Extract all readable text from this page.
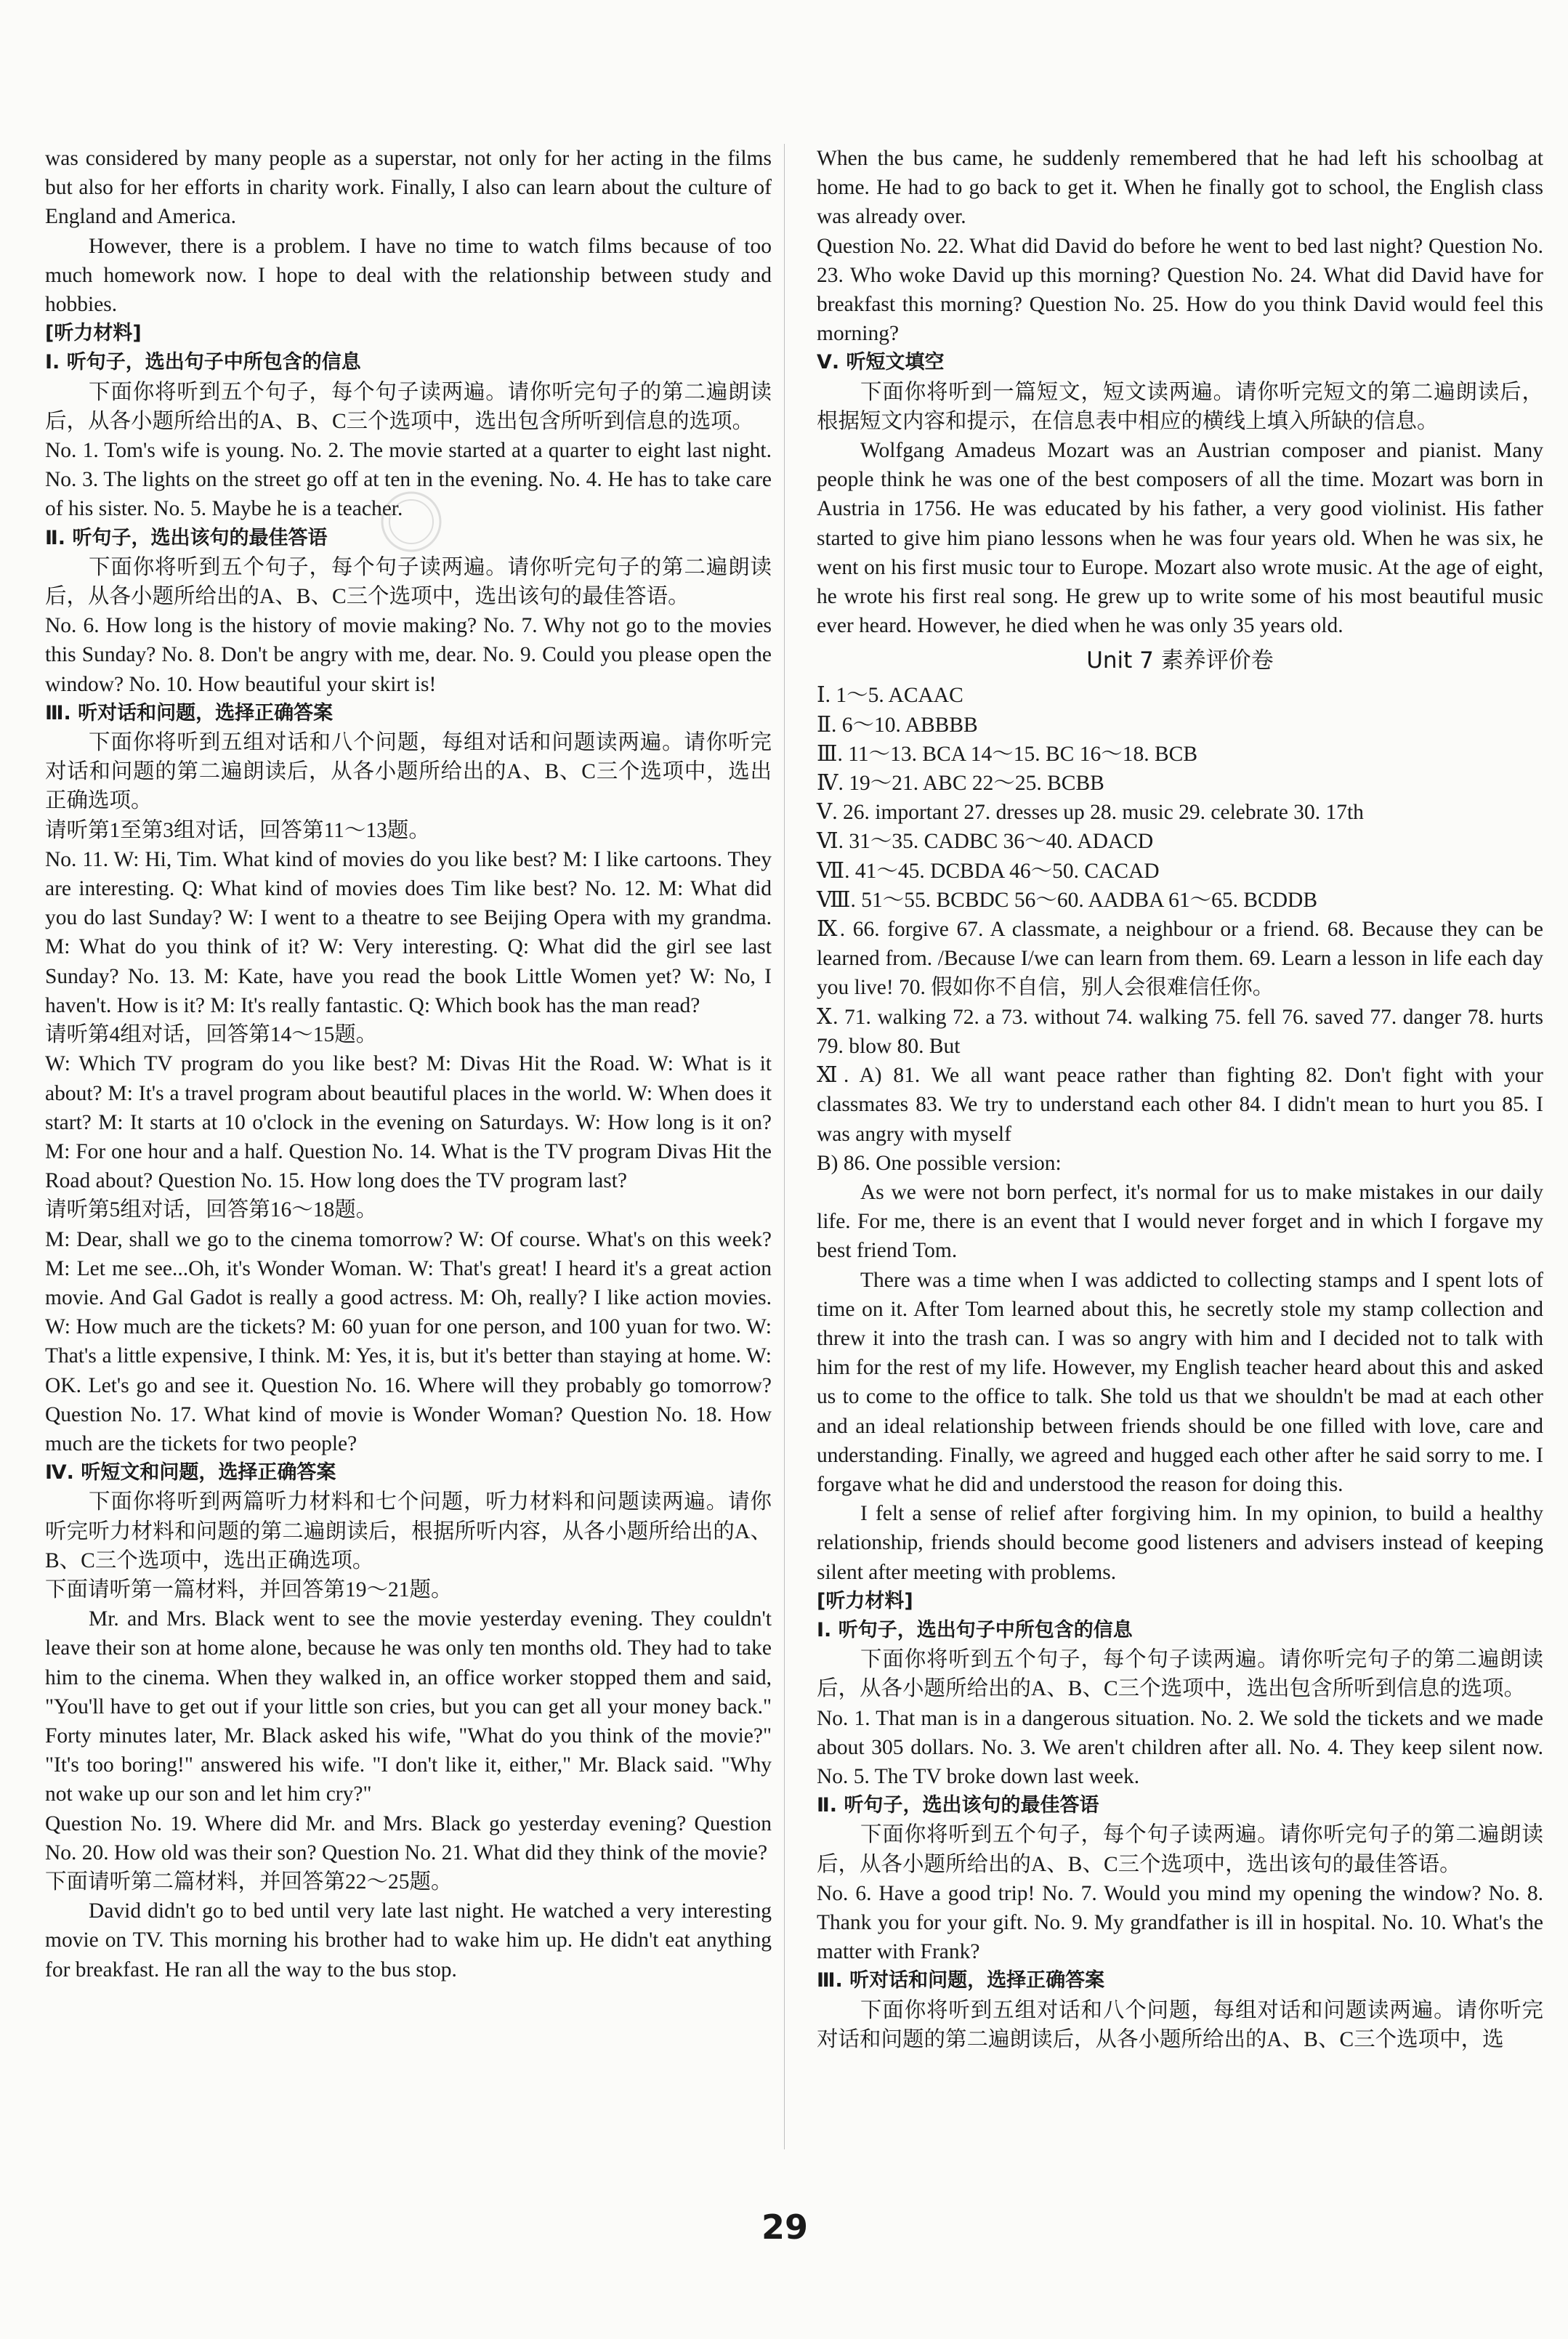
was considered by many people as a superstar, not only for her acting in the films but also for her efforts in charity work. Finally, I also can learn about the culture of England and America.

However, there is a problem. I have no time to watch films because of too much homework now. I hope to deal with the relationship between study and hobbies.

[听力材料]

Ⅰ. 听句子，选出句子中所包含的信息

下面你将听到五个句子，每个句子读两遍。请你听完句子的第二遍朗读后，从各小题所给出的A、B、C三个选项中，选出包含所听到信息的选项。

No. 1. Tom's wife is young. No. 2. The movie started at a quarter to eight last night. No. 3. The lights on the street go off at ten in the evening. No. 4. He has to take care of his sister. No. 5. Maybe he is a teacher.

Ⅱ. 听句子，选出该句的最佳答语

下面你将听到五个句子，每个句子读两遍。请你听完句子的第二遍朗读后，从各小题所给出的A、B、C三个选项中，选出该句的最佳答语。

No. 6. How long is the history of movie making? No. 7. Why not go to the movies this Sunday? No. 8. Don't be angry with me, dear. No. 9. Could you please open the window? No. 10. How beautiful your skirt is!

Ⅲ. 听对话和问题，选择正确答案

下面你将听到五组对话和八个问题，每组对话和问题读两遍。请你听完对话和问题的第二遍朗读后，从各小题所给出的A、B、C三个选项中，选出正确选项。

请听第1至第3组对话，回答第11～13题。

No. 11. W: Hi, Tim. What kind of movies do you like best? M: I like cartoons. They are interesting. Q: What kind of movies does Tim like best? No. 12. M: What did you do last Sunday? W: I went to a theatre to see Beijing Opera with my grandma. M: What do you think of it? W: Very interesting. Q: What did the girl see last Sunday? No. 13. M: Kate, have you read the book Little Women yet? W: No, I haven't. How is it? M: It's really fantastic. Q: Which book has the man read?

请听第4组对话，回答第14～15题。

W: Which TV program do you like best? M: Divas Hit the Road. W: What is it about? M: It's a travel program about beautiful places in the world. W: When does it start? M: It starts at 10 o'clock in the evening on Saturdays. W: How long is it on? M: For one hour and a half. Question No. 14. What is the TV program Divas Hit the Road about? Question No. 15. How long does the TV program last?

请听第5组对话，回答第16～18题。

M: Dear, shall we go to the cinema tomorrow? W: Of course. What's on this week? M: Let me see...Oh, it's Wonder Woman. W: That's great! I heard it's a great action movie. And Gal Gadot is really a good actress. M: Oh, really? I like action movies. W: How much are the tickets? M: 60 yuan for one person, and 100 yuan for two. W: That's a little expensive, I think. M: Yes, it is, but it's better than staying at home. W: OK. Let's go and see it. Question No. 16. Where will they probably go tomorrow? Question No. 17. What kind of movie is Wonder Woman? Question No. 18. How much are the tickets for two people?

Ⅳ. 听短文和问题，选择正确答案

下面你将听到两篇听力材料和七个问题，听力材料和问题读两遍。请你听完听力材料和问题的第二遍朗读后，根据所听内容，从各小题所给出的A、B、C三个选项中，选出正确选项。

下面请听第一篇材料，并回答第19～21题。

Mr. and Mrs. Black went to see the movie yesterday evening. They couldn't leave their son at home alone, because he was only ten months old. They had to take him to the cinema. When they walked in, an office worker stopped them and said, "You'll have to get out if your little son cries, but you can get all your money back." Forty minutes later, Mr. Black asked his wife, "What do you think of the movie?" "It's too boring!" answered his wife. "I don't like it, either," Mr. Black said. "Why not wake up our son and let him cry?"

Question No. 19. Where did Mr. and Mrs. Black go yesterday evening? Question No. 20. How old was their son? Question No. 21. What did they think of the movie?

下面请听第二篇材料，并回答第22～25题。

David didn't go to bed until very late last night. He watched a very interesting movie on TV. This morning his brother had to wake him up. He didn't eat anything for breakfast. He ran all the way to the bus stop.

When the bus came, he suddenly remembered that he had left his schoolbag at home. He had to go back to get it. When he finally got to school, the English class was already over.

Question No. 22. What did David do before he went to bed last night? Question No. 23. Who woke David up this morning? Question No. 24. What did David have for breakfast this morning? Question No. 25. How do you think David would feel this morning?

Ⅴ. 听短文填空

下面你将听到一篇短文，短文读两遍。请你听完短文的第二遍朗读后，根据短文内容和提示，在信息表中相应的横线上填入所缺的信息。

Wolfgang Amadeus Mozart was an Austrian composer and pianist. Many people think he was one of the best composers of all the time. Mozart was born in Austria in 1756. He was educated by his father, a very good violinist. His father started to give him piano lessons when he was four years old. When he was six, he went on his first music tour to Europe. Mozart also wrote music. At the age of eight, he wrote his first real song. He grew up to write some of his most beautiful music ever heard. However, he died when he was only 35 years old.

Unit 7 素养评价卷

Ⅰ. 1～5. ACAAC

Ⅱ. 6～10. ABBBB

Ⅲ. 11～13. BCA 14～15. BC 16～18. BCB

Ⅳ. 19～21. ABC 22～25. BCBB

Ⅴ. 26. important 27. dresses up 28. music 29. celebrate 30. 17th

Ⅵ. 31～35. CADBC 36～40. ADACD

Ⅶ. 41～45. DCBDA 46～50. CACAD

Ⅷ. 51～55. BCBDC 56～60. AADBA 61～65. BCDDB

Ⅸ. 66. forgive 67. A classmate, a neighbour or a friend. 68. Because they can be learned from. /Because I/we can learn from them. 69. Learn a lesson in life each day you live! 70. 假如你不自信，别人会很难信任你。

Ⅹ. 71. walking 72. a 73. without 74. walking 75. fell 76. saved 77. danger 78. hurts 79. blow 80. But

Ⅺ. A) 81. We all want peace rather than fighting 82. Don't fight with your classmates 83. We try to understand each other 84. I didn't mean to hurt you 85. I was angry with myself

B) 86. One possible version:

As we were not born perfect, it's normal for us to make mistakes in our daily life. For me, there is an event that I would never forget and in which I forgave my best friend Tom.

There was a time when I was addicted to collecting stamps and I spent lots of time on it. After Tom learned about this, he secretly stole my stamp collection and threw it into the trash can. I was so angry with him and I decided not to talk with him for the rest of my life. However, my English teacher heard about this and asked us to come to the office to talk. She told us that we shouldn't be mad at each other and an ideal relationship between friends should be one filled with love, care and understanding. Finally, we agreed and hugged each other after he said sorry to me. I forgave what he did and understood the reason for doing this.

I felt a sense of relief after forgiving him. In my opinion, to build a healthy relationship, friends should become good listeners and advisers instead of keeping silent after meeting with problems.

[听力材料]

Ⅰ. 听句子，选出句子中所包含的信息

下面你将听到五个句子，每个句子读两遍。请你听完句子的第二遍朗读后，从各小题所给出的A、B、C三个选项中，选出包含所听到信息的选项。

No. 1. That man is in a dangerous situation. No. 2. We sold the tickets and we made about 305 dollars. No. 3. We aren't children after all. No. 4. They keep silent now. No. 5. The TV broke down last week.

Ⅱ. 听句子，选出该句的最佳答语

下面你将听到五个句子，每个句子读两遍。请你听完句子的第二遍朗读后，从各小题所给出的A、B、C三个选项中，选出该句的最佳答语。

No. 6. Have a good trip! No. 7. Would you mind my opening the window? No. 8. Thank you for your gift. No. 9. My grandfather is ill in hospital. No. 10. What's the matter with Frank?

Ⅲ. 听对话和问题，选择正确答案

下面你将听到五组对话和八个问题，每组对话和问题读两遍。请你听完对话和问题的第二遍朗读后，从各小题所给出的A、B、C三个选项中，选

29
